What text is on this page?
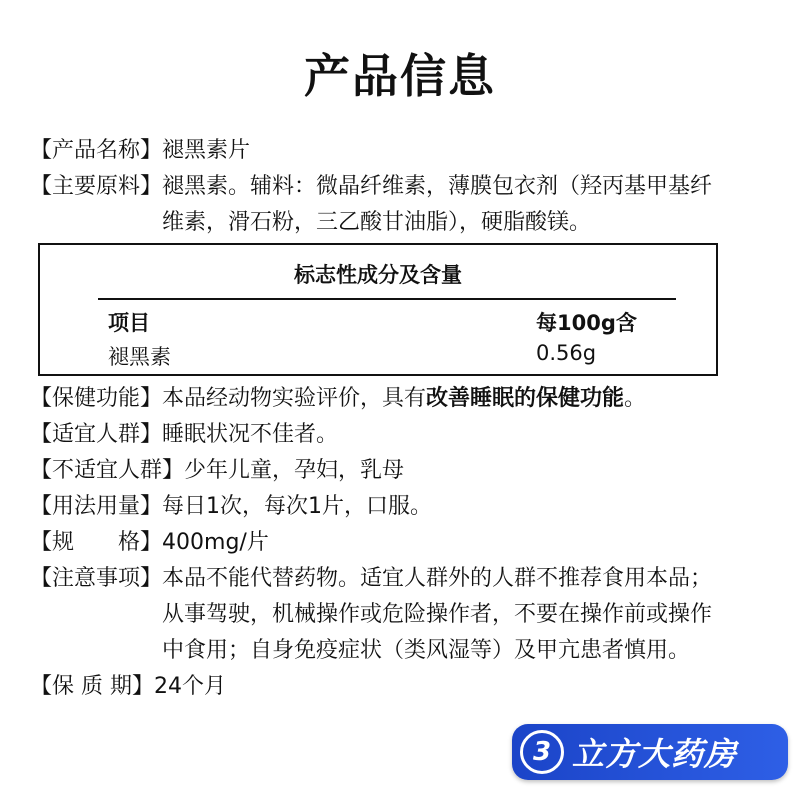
产品信息
【产品名称】 褪黑素片
【主要原料】 褪黑素。辅料：微晶纤维素，薄膜包衣剂（羟丙基甲基纤
维素，滑石粉，三乙酸甘油脂），硬脂酸镁。
标志性成分及含量
项目	每100g含
褪黑素	0.56g
【保健功能】 本品经动物实验评价，具有改善睡眠的保健功能。
【适宜人群】 睡眠状况不佳者。
【不适宜人群】 少年儿童，孕妇，乳母
【用法用量】 每日1次，每次1片，口服。
【规　　格】 400mg/片
【注意事项】 本品不能代替药物。适宜人群外的人群不推荐食用本品；
从事驾驶，机械操作或危险操作者，不要在操作前或操作
中食用；自身免疫症状（类风湿等）及甲亢患者慎用。
【保 质 期】 24个月
3 立方大药房
